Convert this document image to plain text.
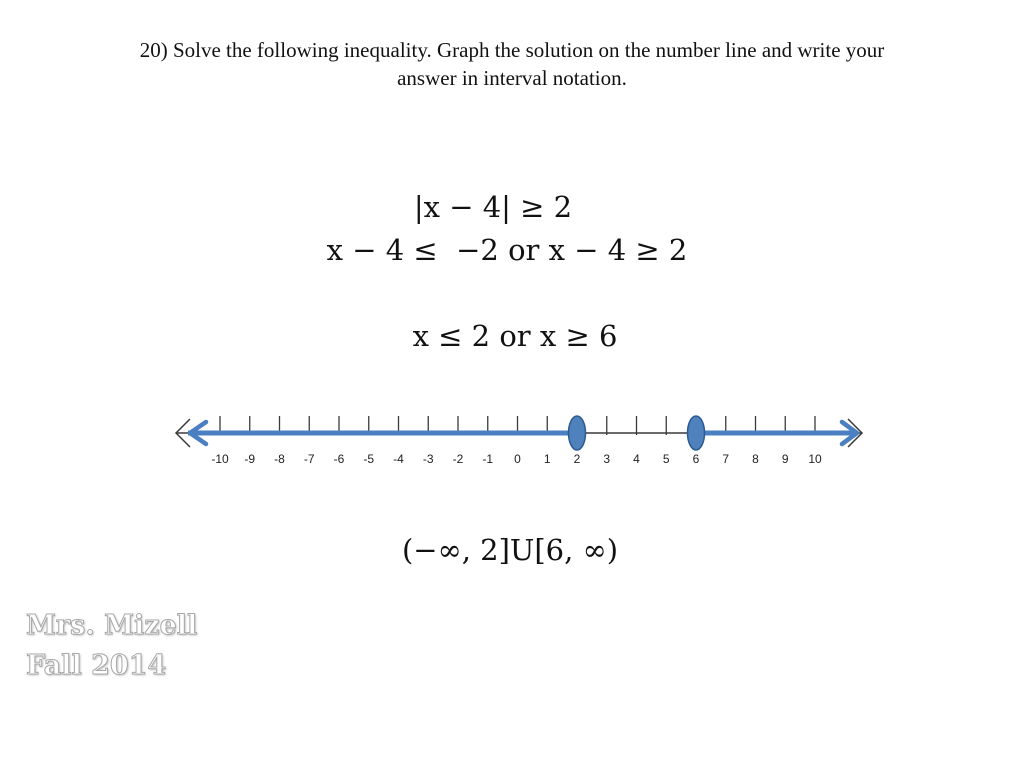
20) Solve the following inequality. Graph the solution on the number line and write your
answer in interval notation.
|x − 4| ≥ 2
x − 4 ≤  −2 or x − 4 ≥ 2
x ≤ 2 or x ≥ 6
-10 -9 -8 -7 -6 -5 -4 -3 -2 -1 0 1 2 3 4 5 6 7 8 9 10
(−∞, 2]U[6, ∞)
Mrs. Mizell
Fall 2014
